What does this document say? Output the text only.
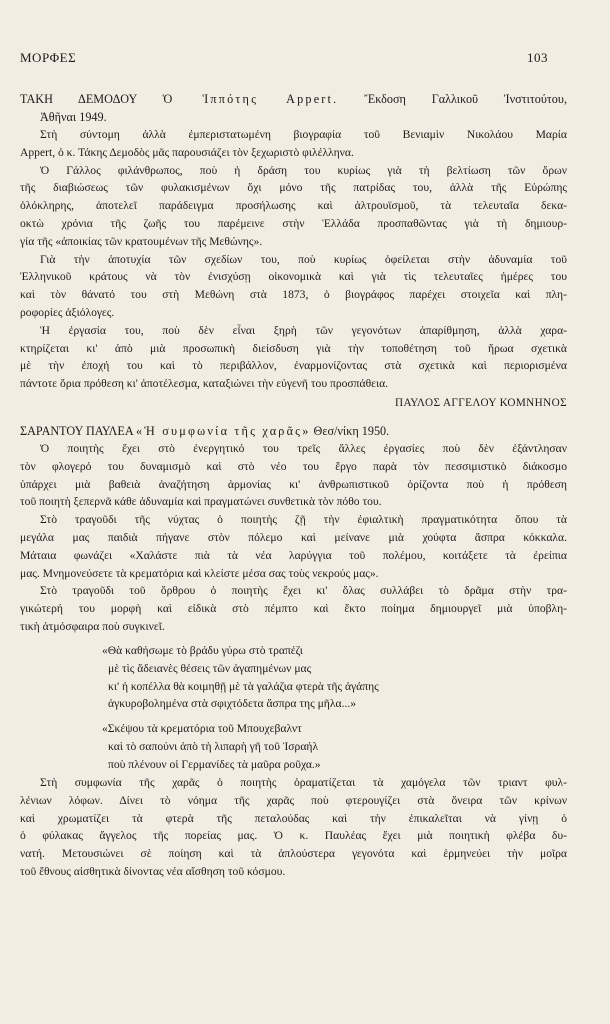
ΜΟΡΦΕΣ	103
ΤΑΚΗ ΔΕΜΟΔΟΥ Ὁ Ἱππότης Appert. Ἔκδοση Γαλλικοῦ Ἰνστιτούτου,
Ἀθῆναι 1949.

Στὴ σύντομη ἀλλὰ ἐμπεριστατωμένη βιογραφία τοῦ Βενιαμὶν Νικολάου Μαρία
Appert, ὁ κ. Τάκης Δεμοδὸς μᾶς παρουσιάζει τὸν ξεχωριστὸ φιλέλληνα.

Ὁ Γάλλος φιλάνθρωπος, ποὺ ἡ δράση του κυρίως γιὰ τὴ βελτίωση τῶν ὅρων
τῆς διαβιώσεως τῶν φυλακισμένων ὄχι μόνο τῆς πατρίδας του, ἀλλὰ τῆς Εὐρώπης
ὁλόκληρης, ἀποτελεῖ παράδειγμα προσήλωσης καὶ ἀλτρουϊσμοῦ, τὰ τελευταῖα δεκα-
οκτὼ χρόνια τῆς ζωῆς του παρέμεινε στὴν Ἑλλάδα προσπαθῶντας γιὰ τὴ δημιουρ-
γία τῆς «ἀποικίας τῶν κρατουμένων τῆς Μεθώνης».

Γιὰ τὴν ἀποτυχία τῶν σχεδίων του, ποὺ κυρίως ὀφείλεται στὴν ἀδυναμία τοῦ
Ἑλληνικοῦ κράτους νὰ τὸν ἐνισχύσῃ οἰκονομικὰ καὶ γιὰ τὶς τελευταῖες ἡμέρες του
καὶ τὸν θάνατό του στὴ Μεθώνη στὰ 1873, ὁ βιογράφος παρέχει στοιχεῖα καὶ πλη-
ροφορίες ἀξιόλογες.

Ἡ ἐργασία του, ποὺ δὲν εἶναι ξηρὴ τῶν γεγονότων ἀπαρίθμηση, ἀλλὰ χαρα-
κτηρίζεται κι' ἀπὸ μιὰ προσωπικὴ διείσδυση γιὰ τὴν τοποθέτηση τοῦ ἥρωα σχετικὰ
μὲ τὴν ἐποχή του καὶ τὸ περιβάλλον, ἐναρμονίζοντας στὰ σχετικὰ καὶ περιορισμένα
πάντοτε ὅρια πρόθεση κι' ἀποτέλεσμα, καταξιώνει τὴν εὐγενῆ του προσπάθεια.

ΠΑΥΛΟΣ ΑΓΓΕΛΟΥ ΚΟΜΝΗΝΟΣ
ΣΑΡΑΝΤΟΥ ΠΑΥΛΕΑ «Ἡ συμφωνία τῆς χαρᾶς» Θεσ/νίκη 1950.

Ὁ ποιητὴς ἔχει στὸ ἐνεργητικό του τρεῖς ἄλλες ἐργασίες ποὺ δὲν ἐξάντλησαν
τὸν φλογερό του δυναμισμὸ καὶ στὸ νέο του ἔργο παρὰ τὸν πεσσιμιστικὸ διάκοσμο
ὑπάρχει μιὰ βαθειὰ ἀναζήτηση ἁρμονίας κι' ἀνθρωπιστικοῦ ὁρίζοντα ποὺ ἡ πρόθεση
τοῦ ποιητὴ ξεπερνᾶ κάθε ἀδυναμία καὶ πραγματώνει συνθετικὰ τὸν πόθο του.

Στὸ τραγοῦδι τῆς νύχτας ὁ ποιητὴς ζῇ τὴν ἐφιαλτικὴ πραγματικότητα ὅπου τὰ
μεγάλα μας παιδιὰ πήγανε στὸν πόλεμο καὶ μείνανε μιὰ χούφτα ἄσπρα κόκκαλα.
Μάταια φωνάζει «Χαλάστε πιὰ τὰ νέα λαρύγγια τοῦ πολέμου, κοιτάξετε τὰ ἐρείπια
μας. Μνημονεύσετε τὰ κρεματόρια καὶ κλείστε μέσα σας τοὺς νεκρούς μας».

Στὸ τραγοῦδι τοῦ ὄρθρου ὁ ποιητὴς ἔχει κι' ὅλας συλλάβει τὸ δρᾶμα στὴν τρα-
γικώτερή του μορφὴ καὶ εἰδικὰ στὸ πέμπτο καὶ ἕκτο ποίημα δημιουργεῖ μιὰ ὑποβλη-
τικὴ ἀτμόσφαιρα ποὺ συγκινεῖ.

«Θὰ καθήσωμε τὸ βράδυ γύρω στὸ τραπέζι
μὲ τὶς ἄδειανὲς θέσεις τῶν ἀγαπημένων μας
κι' ἡ κοπέλλα θὰ κοιμηθῇ μὲ τὰ γαλάζια φτερὰ τῆς ἀγάπης
ἀγκυροβολημένα στὰ σφιχτόδετα ἄσπρα της μῆλα...»
«Σκέψου τὰ κρεματόρια τοῦ Μπουχεβαλντ
καὶ τὸ σαπούνι ἀπὸ τὴ λιπαρὴ γῆ τοῦ Ἰσραήλ
ποὺ πλένουν οἱ Γερμανίδες τὰ μαῦρα ροῦχα.»

Στὴ συμφωνία τῆς χαρᾶς ὁ ποιητὴς ὁραματίζεται τὰ χαμόγελα τῶν τριαντ φυλ-
λένιων λόφων. Δίνει τὸ νόημα τῆς χαρᾶς ποὺ φτερουγίζει στὰ ὄνειρα τῶν κρίνων
καὶ χρωματίζει τὰ φτερὰ τῆς πεταλούδας καὶ τὴν ἐπικαλεῖται νὰ γίνῃ ὁ
ὁ φύλακας ἄγγελος τῆς πορείας μας. Ὁ κ. Παυλέας ἔχει μιὰ ποιητικὴ φλέβα δυ-
νατή. Μετουσιώνει σὲ ποίηση καὶ τὰ ἁπλούστερα γεγονότα καὶ ἑρμηνεύει τὴν μοῖρα
τοῦ ἔθνους αἰσθητικὰ δίνοντας νέα αἴσθηση τοῦ κόσμου.
